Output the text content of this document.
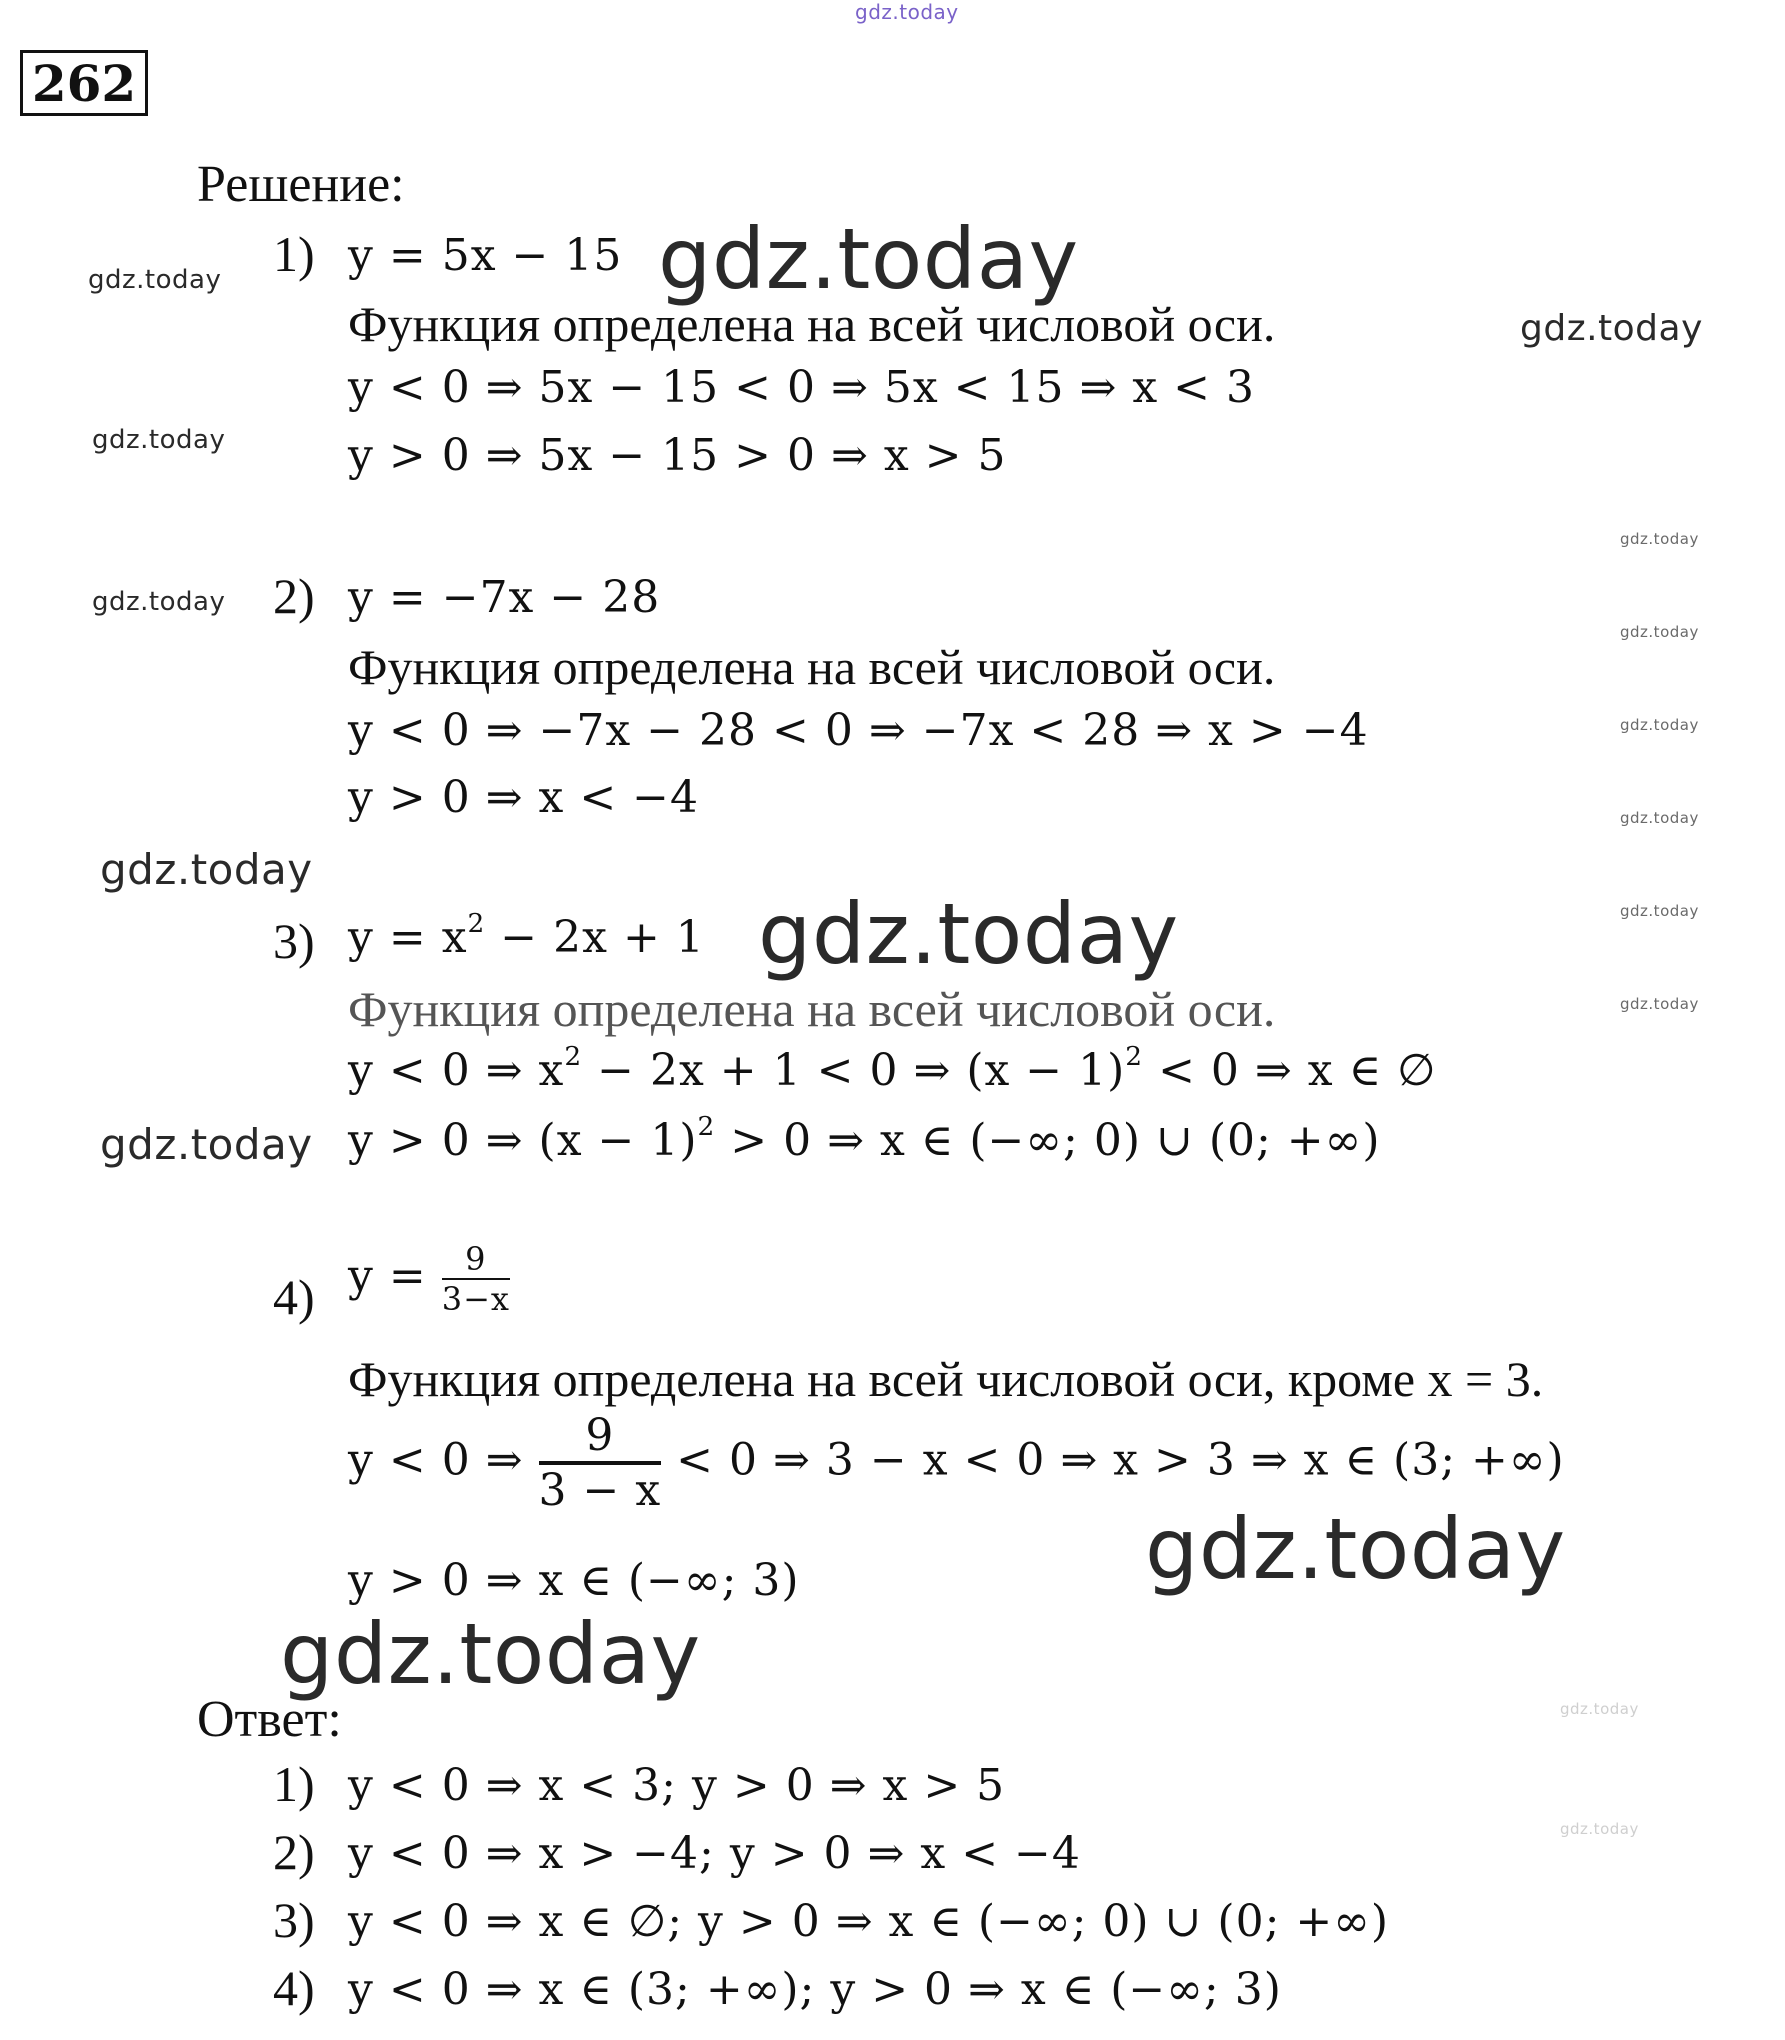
gdz.today
262
Решение:
1) y = 5x − 15 gdz.today
gdz.today
Функция определена на всей числовой оси.	gdz.today
y < 0 ⇒ 5x − 15 < 0 ⇒ 5x < 15 ⇒ x < 3
gdz.today	y > 0 ⇒ 5x − 15 > 0 ⇒ x > 5
gdz.today
gdz.today
gdz.today
gdz.today
gdz.today
gdz.today
gdz.today 2) y = −7x − 28
Функция определена на всей числовой оси.
y < 0 ⇒ −7x − 28 < 0 ⇒ −7x < 28 ⇒ x > −4
y > 0 ⇒ x < −4
gdz.today
3) $y = x^2 - 2x + 1$ gdz.today
Функция определена на всей числовой оси.
y < 0 ⇒ $x^2 - 2x + 1 < 0$ ⇒ $(x - 1)^2 < 0$ ⇒ x ∈ ∅
gdz.today y > 0 ⇒ $(x - 1)^2 > 0$ ⇒ x ∈ (−∞; 0) ∪ (0; +∞)
4) $y = \frac{9}{3-x}$
Функция определена на всей числовой оси, кроме x = 3.
y < 0 ⇒ $\frac{9}{3 - x} < 0$ ⇒ 3 − x < 0 ⇒ x > 3 ⇒ x ∈ (3; +∞)
gdz.today
y > 0 ⇒ x ∈ (−∞; 3)
gdz.today
Ответ:
1) y < 0 ⇒ x < 3; y > 0 ⇒ x > 5
2) y < 0 ⇒ x > −4; y > 0 ⇒ x < −4
3) y < 0 ⇒ x ∈ ∅; y > 0 ⇒ x ∈ (−∞; 0) ∪ (0; +∞)
4) y < 0 ⇒ x ∈ (3; +∞); y > 0 ⇒ x ∈ (−∞; 3)
gdz.today
gdz.today
